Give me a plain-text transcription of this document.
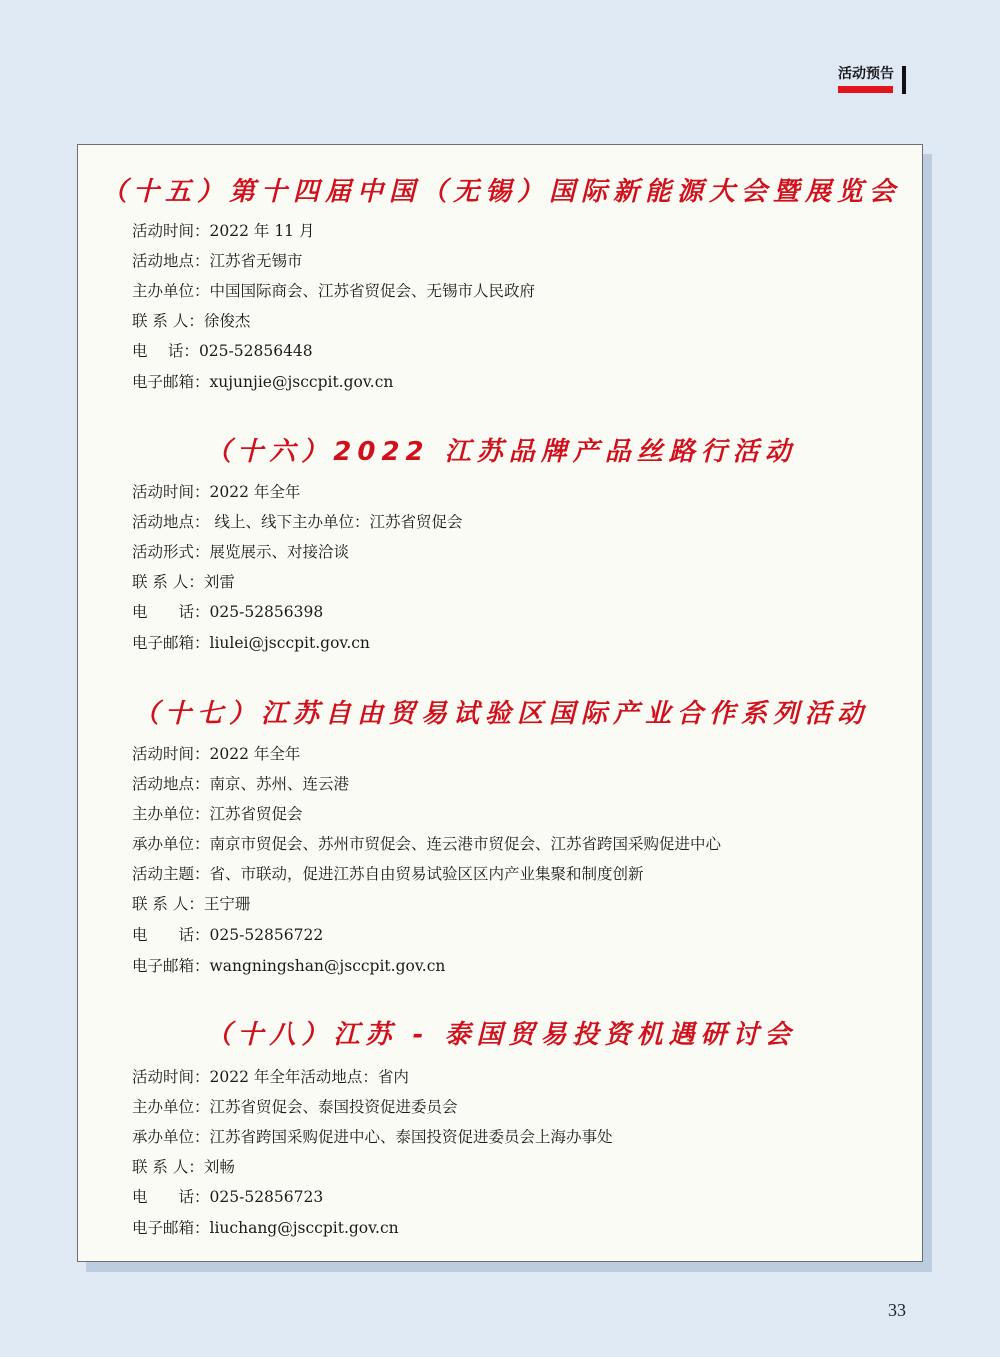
活动预告
（十五）第十四届中国（无锡）国际新能源大会暨展览会
活动时间：2022 年 11 月
活动地点：江苏省无锡市
主办单位：中国国际商会、江苏省贸促会、无锡市人民政府
联 系 人：徐俊杰
电　 话：025-52856448
电子邮箱：xujunjie@jsccpit.gov.cn
（十六）2022 江苏品牌产品丝路行活动
活动时间：2022 年全年
活动地点： 线上、线下主办单位：江苏省贸促会
活动形式：展览展示、对接洽谈
联 系 人：刘雷
电　　话：025-52856398
电子邮箱：liulei@jsccpit.gov.cn
（十七）江苏自由贸易试验区国际产业合作系列活动
活动时间：2022 年全年
活动地点：南京、苏州、连云港
主办单位：江苏省贸促会
承办单位：南京市贸促会、苏州市贸促会、连云港市贸促会、江苏省跨国采购促进中心
活动主题：省、市联动，促进江苏自由贸易试验区区内产业集聚和制度创新
联 系 人：王宁珊
电　　话：025-52856722
电子邮箱：wangningshan@jsccpit.gov.cn
（十八）江苏 - 泰国贸易投资机遇研讨会
活动时间：2022 年全年活动地点：省内
主办单位：江苏省贸促会、泰国投资促进委员会
承办单位：江苏省跨国采购促进中心、泰国投资促进委员会上海办事处
联 系 人：刘畅
电　　话：025-52856723
电子邮箱：liuchang@jsccpit.gov.cn
33
